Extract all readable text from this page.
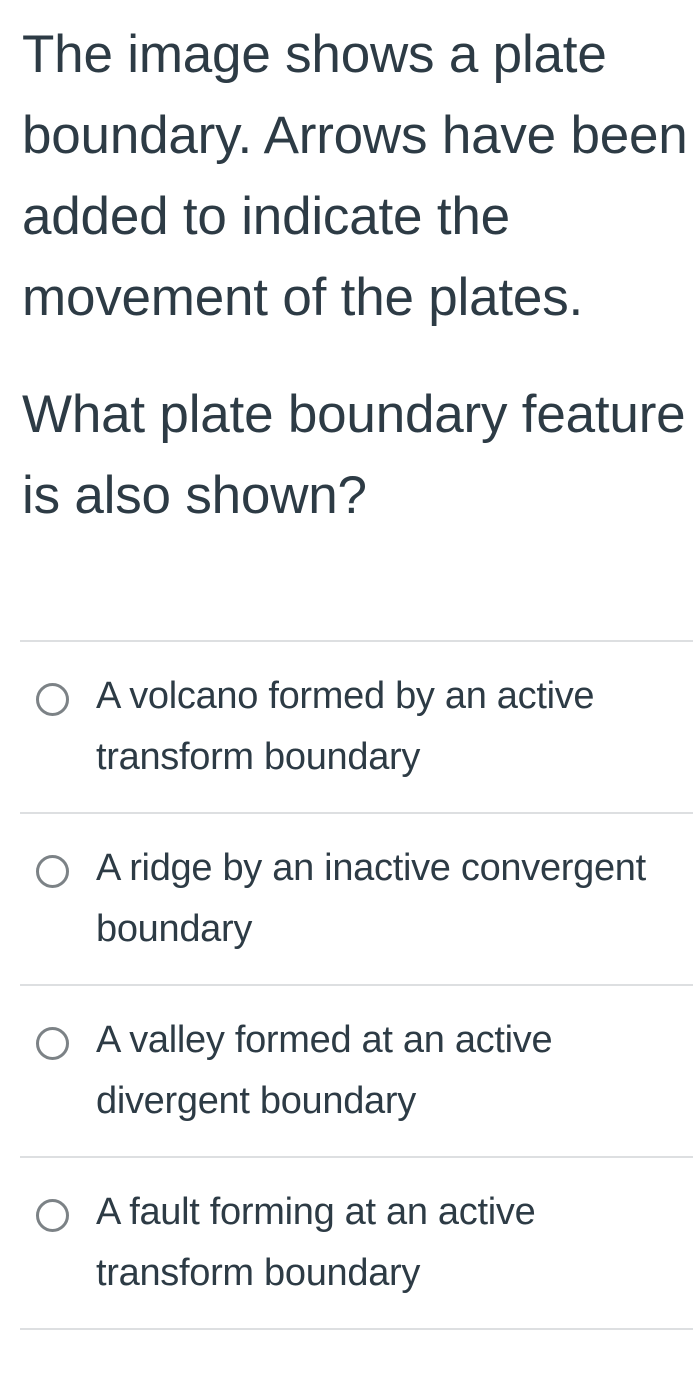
The image shows a plate boundary. Arrows have been added to indicate the movement of the plates.

What plate boundary feature is also shown?

A volcano formed by an active transform boundary
A ridge by an inactive convergent boundary
A valley formed at an active divergent boundary
A fault forming at an active transform boundary
